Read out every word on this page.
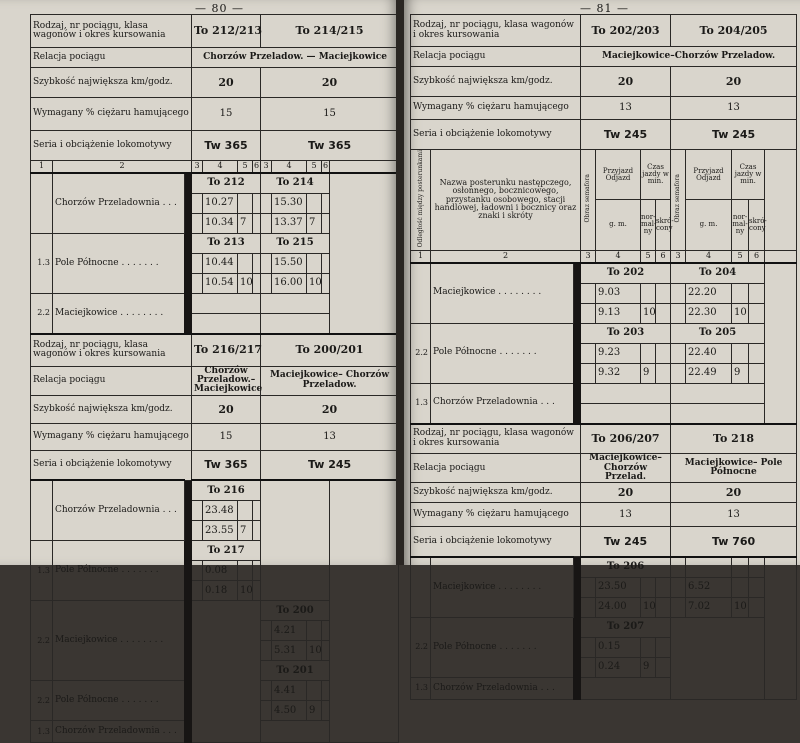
— 80 —
Rodzaj, nr pociągu, klasa wagonów i okres kursowania			To 212/213				To 214/215				
Relacja pociągu			Chorzów Przeladow. — Maciejkowice								
Szybkość największa km/godz.			20				20				
Wymagany % ciężaru hamującego			15				15				
Seria i obciążenie lokomotywy			Tw 365				Tw 365				
1	2		3	4	5	6	3	4	5	6	
	Chorzów Przeladownia . . .		To 212				To 214				
				10.27				15.30			
				10.34	7			13.37	7		
1.3	Pole Północne . . . . . . .		To 213				To 215				
				10.44				15.50			
				10.54	10			16.00	10		
2.2	Maciejkowice . . . . . . . .										

Rodzaj, nr pociągu, klasa wagonów i okres kursowania			To 216/217				To 200/201				
Relacja pociągu			Chorzów Przeladow.– Maciejkowice				Maciejkowice– Chorzów Przeladow.				
Szybkość największa km/godz.			20				20				
Wymagany % ciężaru hamującego			15				13				
Seria i obciążenie lokomotywy			Tw 365				Tw 245				
	Chorzów Przeladownia . . .		To 216								
				23.48							
				23.55	7						
1.3	Pole Północne . . . . . . .		To 217								
				0.08							
				0.18	10						
2.2	Maciejkowice . . . . . . . .						To 200				
								4.21			
								5.31	10		
							To 201				
2.2	Pole Północne . . . . . . .							4.41			
								4.50	9		
1.3	Chorzów Przeladownia . . .										

— 81 —
Rodzaj, nr pociągu, klasa wagonów i okres kursowania			To 202/203				To 204/205				
Relacja pociągu			Maciejkowice–Chorzów Przeladow.								
Szybkość największa km/godz.			20				20				
Wymagany % ciężaru hamującego			13				13				
Seria i obciążenie lokomotywy			Tw 245				Tw 245				
Odległość między posterunkami	Nazwa posterunku następczego, osłonnego, bocznicowego, przystanku osobowego, stacji handlowej, ładowni i bocznicy oraz znaki i skróty		Obraz semafora	Przyjazd Odjazd	Czas jazdy w min.		Obraz semafora	Przyjazd Odjazd	Czas jazdy w min.		
				g. m.	nor-mal-ny	skró-cony		g. m.	nor-mal-ny	skró-cony	
1	2		3	4	5	6	3	4	5	6	
	Maciejkowice . . . . . . . .		To 202				To 204				
				9.03				22.20			
				9.13	10			22.30	10		
2.2	Pole Północne . . . . . . .		To 203				To 205				
				9.23				22.40			
				9.32	9			22.49	9		
1.3	Chorzów Przeladownia . . .										

Rodzaj, nr pociągu, klasa wagonów i okres kursowania			To 206/207				To 218				
Relacja pociągu			Maciejkowice– Chorzów Przelad.				Maciejkowice– Pole Północne				
Szybkość największa km/godz.			20				20				
Wymagany % ciężaru hamującego			13				13				
Seria i obciążenie lokomotywy			Tw 245				Tw 760				
	Maciejkowice . . . . . . . .		To 206								
				23.50				6.52			
				24.00	10			7.02	10		
2.2	Pole Północne . . . . . . .		To 207								
				0.15							
				0.24	9						
1.3	Chorzów Przeladownia . . .										
